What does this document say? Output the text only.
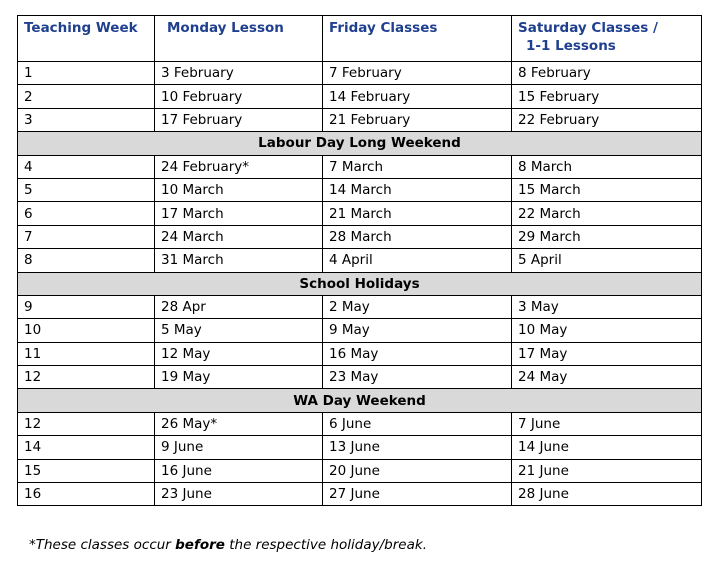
Teaching Week	Monday Lesson	Friday Classes	Saturday Classes /
1-1 Lessons

1	3 February	7 February	8 February
2	10 February	14 February	15 February
3	17 February	21 February	22 February
Labour Day Long Weekend			
4	24 February*	7 March	8 March
5	10 March	14 March	15 March
6	17 March	21 March	22 March
7	24 March	28 March	29 March
8	31 March	4 April	5 April
School Holidays			
9	28 Apr	2 May	3 May
10	5 May	9 May	10 May
11	12 May	16 May	17 May
12	19 May	23 May	24 May
WA Day Weekend			
12	26 May*	6 June	7 June
14	9 June	13 June	14 June
15	16 June	20 June	21 June
16	23 June	27 June	28 June
*These classes occur before the respective holiday/break.
